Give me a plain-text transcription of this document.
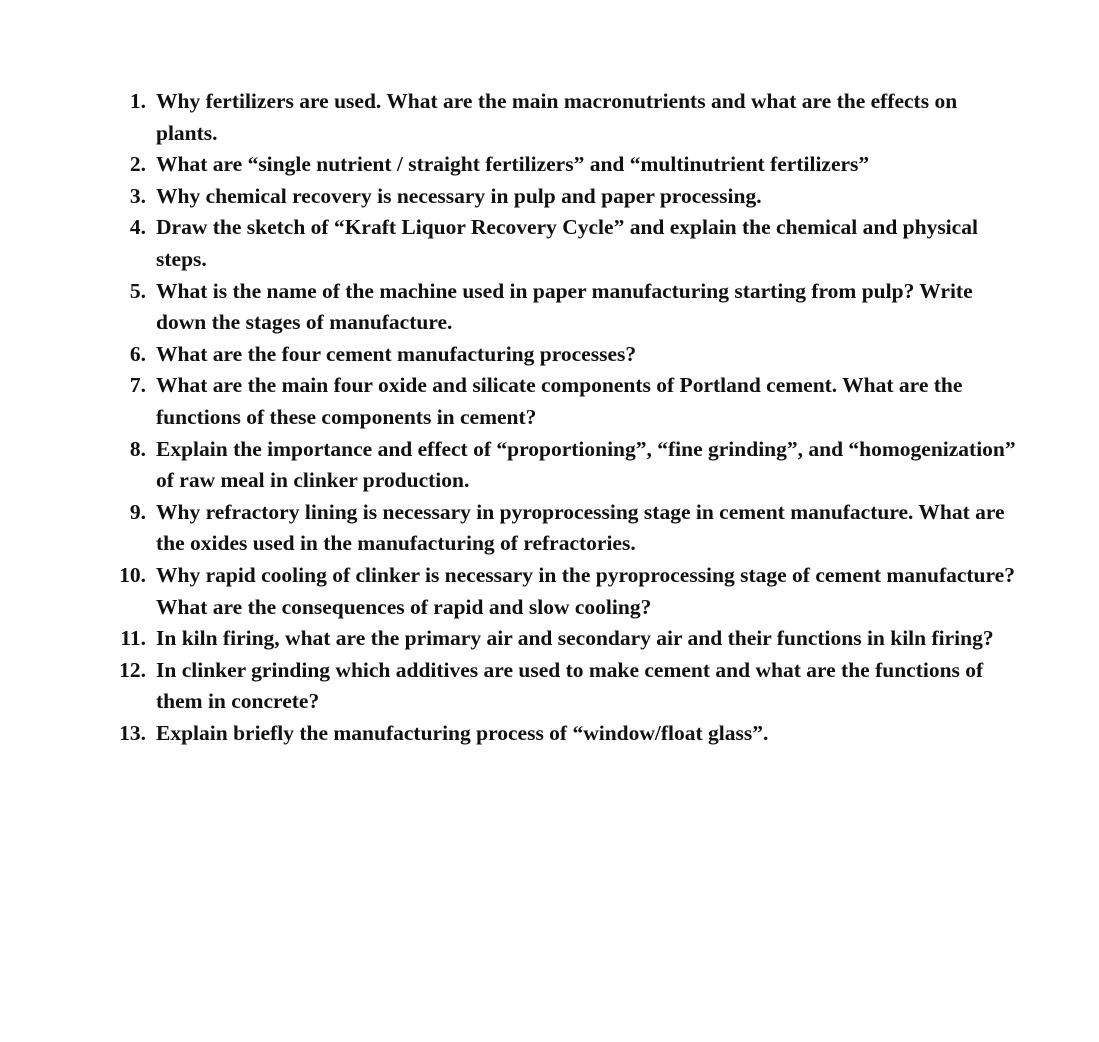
1. Why fertilizers are used. What are the main macronutrients and what are the effects on plants.
2. What are “single nutrient / straight fertilizers” and “multinutrient fertilizers”
3. Why chemical recovery is necessary in pulp and paper processing.
4. Draw the sketch of “Kraft Liquor Recovery Cycle” and explain the chemical and physical steps.
5. What is the name of the machine used in paper manufacturing starting from pulp? Write down the stages of manufacture.
6. What are the four cement manufacturing processes?
7. What are the main four oxide and silicate components of Portland cement. What are the functions of these components in cement?
8. Explain the importance and effect of “proportioning”, “fine grinding”, and “homogenization” of raw meal in clinker production.
9. Why refractory lining is necessary in pyroprocessing stage in cement manufacture. What are the oxides used in the manufacturing of refractories.
10. Why rapid cooling of clinker is necessary in the pyroprocessing stage of cement manufacture? What are the consequences of rapid and slow cooling?
11. In kiln firing, what are the primary air and secondary air and their functions in kiln firing?
12. In clinker grinding which additives are used to make cement and what are the functions of them in concrete?
13. Explain briefly the manufacturing process of “window/float glass”.
